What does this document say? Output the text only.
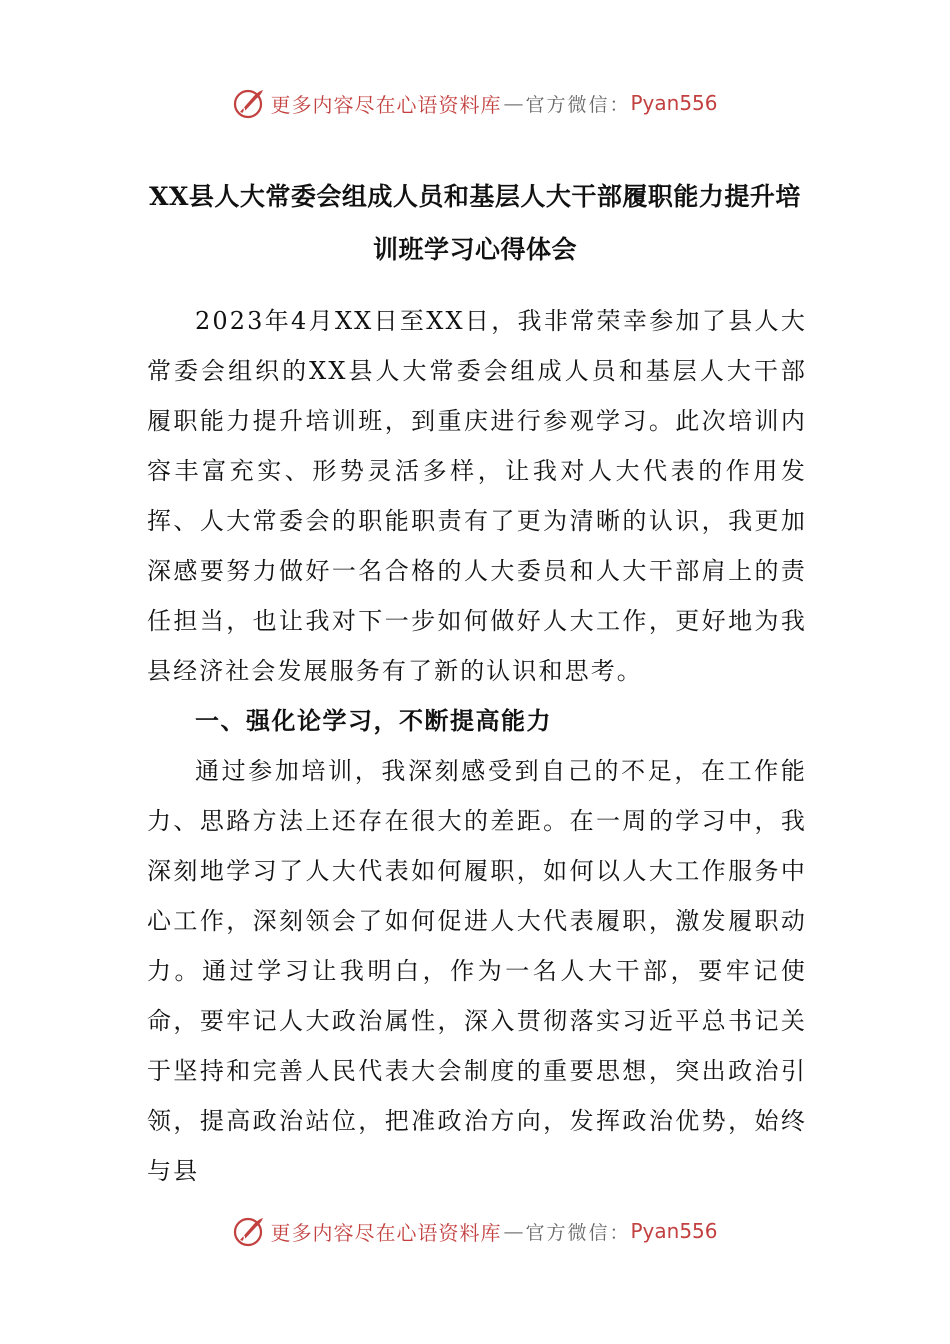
更多内容尽在心语资料库 — 官方微信： Pyan556
XX县人大常委会组成人员和基层人大干部履职能力提升培训班学习心得体会

2023年4月XX日至XX日，我非常荣幸参加了县人大常委会组织的XX县人大常委会组成人员和基层人大干部履职能力提升培训班，到重庆进行参观学习。此次培训内容丰富充实、形势灵活多样，让我对人大代表的作用发挥、人大常委会的职能职责有了更为清晰的认识，我更加深感要努力做好一名合格的人大委员和人大干部肩上的责任担当，也让我对下一步如何做好人大工作，更好地为我县经济社会发展服务有了新的认识和思考。

一、强化论学习，不断提高能力

通过参加培训，我深刻感受到自己的不足，在工作能力、思路方法上还存在很大的差距。在一周的学习中，我深刻地学习了人大代表如何履职，如何以人大工作服务中心工作，深刻领会了如何促进人大代表履职，激发履职动力。通过学习让我明白，作为一名人大干部，要牢记使命，要牢记人大政治属性，深入贯彻落实习近平总书记关于坚持和完善人民代表大会制度的重要思想，突出政治引领，提高政治站位，把准政治方向，发挥政治优势，始终与县

更多内容尽在心语资料库 — 官方微信： Pyan556
